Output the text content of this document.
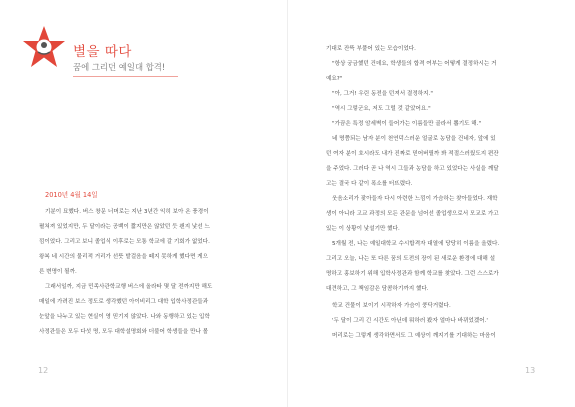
별을 따다
꿈에 그리던 예일대 합격!
2010년 4월 14일

기분이 묘했다. 버스 창문 너머로는 지난 3년간 익히 보아 온 풍경이

펼쳐져 있었지만, 두 달이라는 공백이 짧지만은 않았던 듯 왠지 낯선 느

낌이었다. 그리고 보니 졸업식 이후로는 모통 학교에 갈 기회가 없었다.

왕복 네 시간의 물리적 거리가 선뜻 발걸음을 떼지 못하게 했다면 게으

른 변명이 될까.

그래서일까, 지금 민족사관학교행 버스에 올라타 몇 달 전까지만 해도

매일에 가려진 보스 정도로 생각했던 아이비리그 대학 입학사정관들과

눈앞을 나누고 있는 현실이 영 믿기지 않았다. 나와 동행하고 있는 입학

사정관들은 모두 다섯 명, 모두 대학설명회와 더불어 학생들을 만나 볼

12

기대로 잔뜩 부풀어 있는 모습이었다.

"항상 궁금했던 건데요, 학생들의 합격 여부는 어떻게 결정하시는 거

예요?"

"아, 그거! 우린 동전을 던져서 결정하지."

"역시 그렇군요, 저도 그럴 것 같았어요."

"가끔은 특정 암세벽이 들어가는 이름들만 골라서 뽑기도 해."

네 명쯤되는 남자 분이 천연덕스러운 얼굴로 농담을 건네자, 앞에 있

던 여자 분이 호시라도 내가 진짜로 믿어버릴까 봐 적절스러웠도지 편잔

을 주었다. 그러다 곧 나 역시 그들과 농담을 하고 있었다는 사실을 깨달

고는 결국 다 같이 폭소를 터뜨렸다.

웃음소리가 잦아들자 다시 아련한 느낌이 가슴하는 찾아들었다. 재학

생이 아니라 고교 과정의 모든 관문을 넘어선 졸업생으로서 모교로 가고

있는 이 상황이 낯설기만 했다.

5개월 전, 나는 예일대학교 수시합격자 대열에 당당히 이름을 올렸다.

그리고 오늘, 나는 또 다른 꿈의 도전의 장이 된 새로운 환경에 대해 설

명하고 홍보하기 위해 입학사정관과 함께 학교를 찾았다. 그런 스스로가

대견하고, 그 책임감은 담콤하기까지 했다.

학교 건물이 보이기 시작하자 가슴이 쿵닥거렸다.

'두 달이 그리 긴 시간도 아닌데 뭐하러 봤자 얼마나 바뀌었겠어.'

머리로는 그렇게 생각하면서도 그 예상이 깨지기를 기대하는 마음이

13
